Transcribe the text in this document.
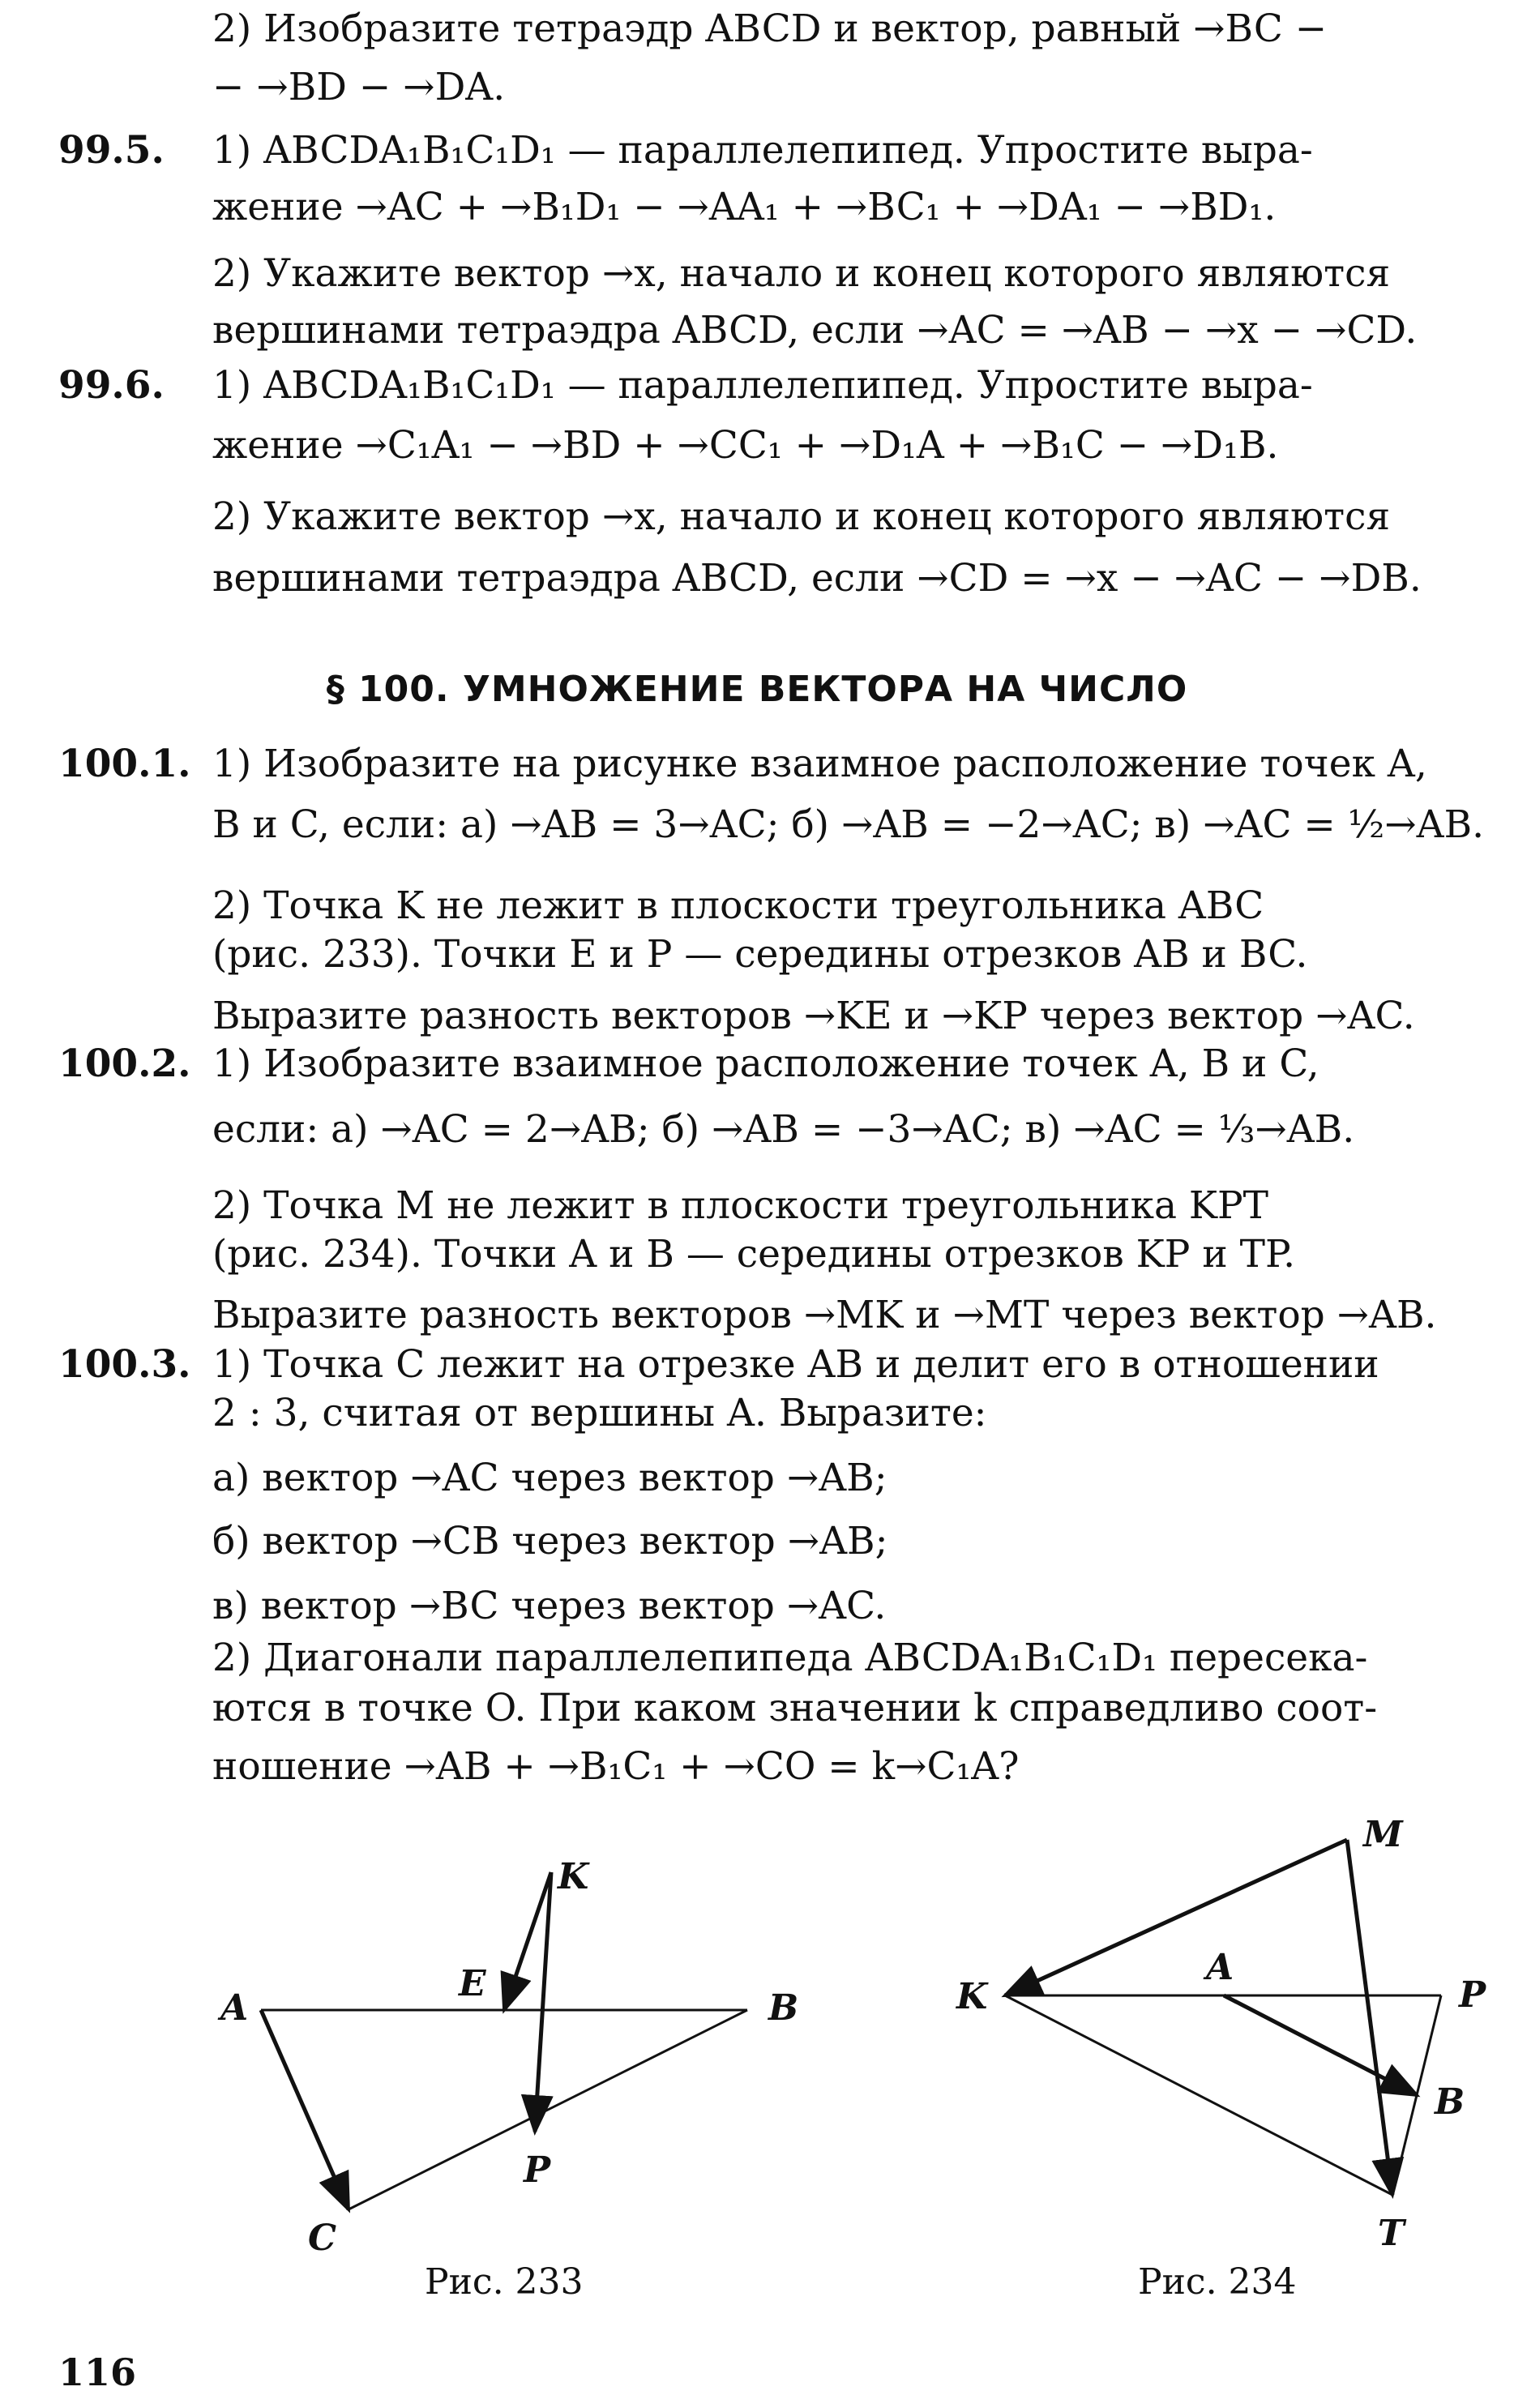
99.5.
99.6.
100.1.
100.2.
100.3.
2) Изобразите тетраэдр ABCD и вектор, равный →BC −
− →BD − →DA.
1) ABCDA₁B₁C₁D₁ — параллелепипед. Упростите выра-
жение →AC + →B₁D₁ − →AA₁ + →BC₁ + →DA₁ − →BD₁.
2) Укажите вектор →x, начало и конец которого являются
вершинами тетраэдра ABCD, если →AC = →AB − →x − →CD.
1) ABCDA₁B₁C₁D₁ — параллелепипед. Упростите выра-
жение →C₁A₁ − →BD + →CC₁ + →D₁A + →B₁C − →D₁B.
2) Укажите вектор →x, начало и конец которого являются
вершинами тетраэдра ABCD, если →CD = →x − →AC − →DB.
§ 100. УМНОЖЕНИЕ ВЕКТОРА НА ЧИСЛО
1) Изобразите на рисунке взаимное расположение точек A,
B и C, если: а) →AB = 3→AC; б) →AB = −2→AC; в) →AC = ½→AB.
2) Точка K не лежит в плоскости треугольника ABC
(рис. 233). Точки E и P — середины отрезков AB и BC.
Выразите разность векторов →KE и →KP через вектор →AC.
1) Изобразите взаимное расположение точек A, B и C,
если: а) →AC = 2→AB; б) →AB = −3→AC; в) →AC = ⅓→AB.
2) Точка M не лежит в плоскости треугольника KPT
(рис. 234). Точки A и B — середины отрезков KP и TP.
Выразите разность векторов →MK и →MT через вектор →AB.
1) Точка C лежит на отрезке AB и делит его в отношении
2 : 3, считая от вершины A. Выразите:
а) вектор →AC через вектор →AB;
б) вектор →CB через вектор →AB;
в) вектор →BC через вектор →AC.
2) Диагонали параллелепипеда ABCDA₁B₁C₁D₁ пересека-
ются в точке O. При каком значении k справедливо соот-
ношение →AB + →B₁C₁ + →CO = k→C₁A?
K
E
A	B
P
C
M
K
A
P
B
T
Рис. 233	Рис. 234
116
